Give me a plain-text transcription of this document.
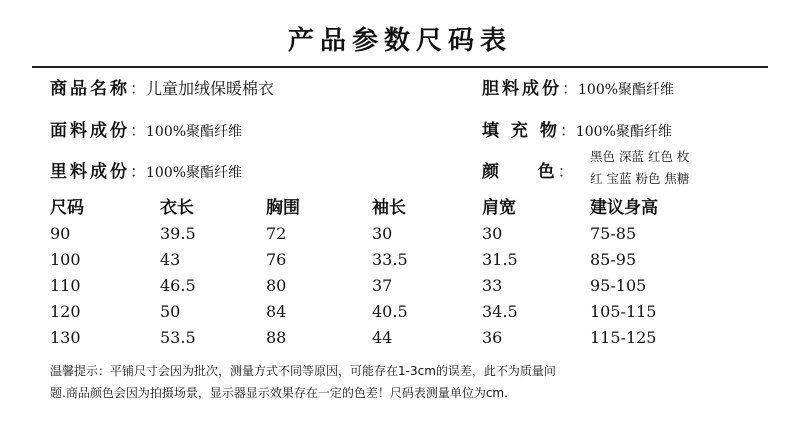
产品参数尺码表
商品名称：儿童加绒保暖棉衣
面料成份：100%聚酯纤维
里料成份：100%聚酯纤维
胆料成份：100%聚酯纤维
填 充 物：100%聚酯纤维
颜    色：
黑色 深蓝 红色 枚
红 宝蓝 粉色 焦糖
尺码	衣长	胸围	袖长	肩宽	建议身高
90	39.5	72	30	30	75-85
100	43	76	33.5	31.5	85-95
110	46.5	80	37	33	95-105
120	50	84	40.5	34.5	105-115
130	53.5	88	44	36	115-125
温馨提示：平铺尺寸会因为批次，测量方式不同等原因，可能存在1-3cm的误差，此不为质量问
题.商品颜色会因为拍摄场景，显示器显示效果存在一定的色差！尺码表测量单位为cm.
